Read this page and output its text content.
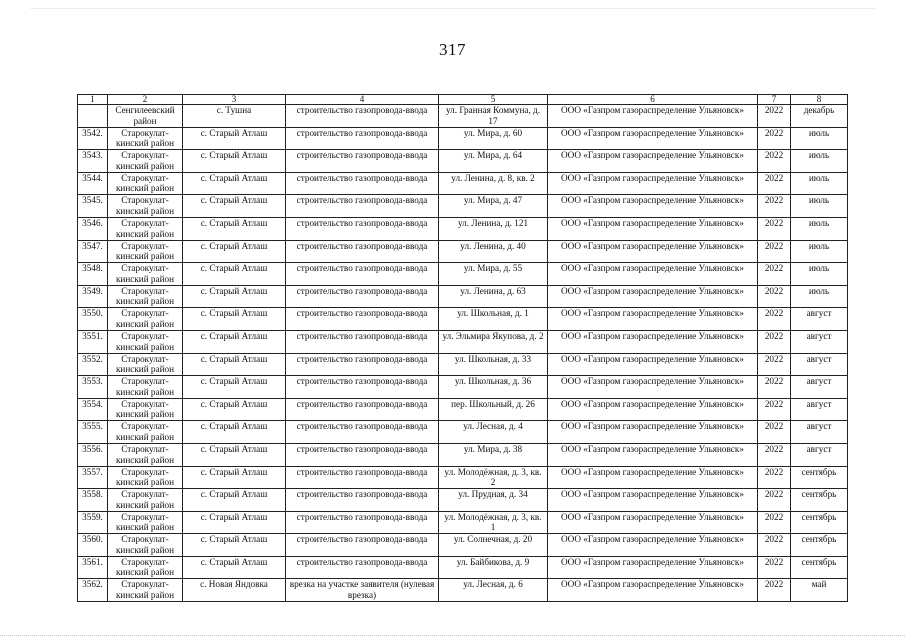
317
1	2	3	4	5	6	7	8
	Сенгилеевский район	с. Тушна	строительство газопровода-ввода	ул. Гранная Коммуна, д. 17	ООО «Газпром газораспределение Ульяновск»	2022	декабрь
3542.	Старокулат-кинский район	с. Старый Атлаш	строительство газопровода-ввода	ул. Мира, д. 60	ООО «Газпром газораспределение Ульяновск»	2022	июль
3543.	Старокулат-кинский район	с. Старый Атлаш	строительство газопровода-ввода	ул. Мира, д. 64	ООО «Газпром газораспределение Ульяновск»	2022	июль
3544.	Старокулат-кинский район	с. Старый Атлаш	строительство газопровода-ввода	ул. Ленина, д. 8, кв. 2	ООО «Газпром газораспределение Ульяновск»	2022	июль
3545.	Старокулат-кинский район	с. Старый Атлаш	строительство газопровода-ввода	ул. Мира, д. 47	ООО «Газпром газораспределение Ульяновск»	2022	июль
3546.	Старокулат-кинский район	с. Старый Атлаш	строительство газопровода-ввода	ул. Ленина, д. 121	ООО «Газпром газораспределение Ульяновск»	2022	июль
3547.	Старокулат-кинский район	с. Старый Атлаш	строительство газопровода-ввода	ул. Ленина, д. 40	ООО «Газпром газораспределение Ульяновск»	2022	июль
3548.	Старокулат-кинский район	с. Старый Атлаш	строительство газопровода-ввода	ул. Мира, д. 55	ООО «Газпром газораспределение Ульяновск»	2022	июль
3549.	Старокулат-кинский район	с. Старый Атлаш	строительство газопровода-ввода	ул. Ленина, д. 63	ООО «Газпром газораспределение Ульяновск»	2022	июль
3550.	Старокулат-кинский район	с. Старый Атлаш	строительство газопровода-ввода	ул. Школьная, д. 1	ООО «Газпром газораспределение Ульяновск»	2022	август
3551.	Старокулат-кинский район	с. Старый Атлаш	строительство газопровода-ввода	ул. Эльмира Якупова, д. 2	ООО «Газпром газораспределение Ульяновск»	2022	август
3552.	Старокулат-кинский район	с. Старый Атлаш	строительство газопровода-ввода	ул. Школьная, д. 33	ООО «Газпром газораспределение Ульяновск»	2022	август
3553.	Старокулат-кинский район	с. Старый Атлаш	строительство газопровода-ввода	ул. Школьная, д. 36	ООО «Газпром газораспределение Ульяновск»	2022	август
3554.	Старокулат-кинский район	с. Старый Атлаш	строительство газопровода-ввода	пер. Школьный, д. 26	ООО «Газпром газораспределение Ульяновск»	2022	август
3555.	Старокулат-кинский район	с. Старый Атлаш	строительство газопровода-ввода	ул. Лесная, д. 4	ООО «Газпром газораспределение Ульяновск»	2022	август
3556.	Старокулат-кинский район	с. Старый Атлаш	строительство газопровода-ввода	ул. Мира, д. 38	ООО «Газпром газораспределение Ульяновск»	2022	август
3557.	Старокулат-кинский район	с. Старый Атлаш	строительство газопровода-ввода	ул. Молодёжная, д. 3, кв. 2	ООО «Газпром газораспределение Ульяновск»	2022	сентябрь
3558.	Старокулат-кинский район	с. Старый Атлаш	строительство газопровода-ввода	ул. Прудная, д. 34	ООО «Газпром газораспределение Ульяновск»	2022	сентябрь
3559.	Старокулат-кинский район	с. Старый Атлаш	строительство газопровода-ввода	ул. Молодёжная, д. 3, кв. 1	ООО «Газпром газораспределение Ульяновск»	2022	сентябрь
3560.	Старокулат-кинский район	с. Старый Атлаш	строительство газопровода-ввода	ул. Солнечная, д. 20	ООО «Газпром газораспределение Ульяновск»	2022	сентябрь
3561.	Старокулат-кинский район	с. Старый Атлаш	строительство газопровода-ввода	ул. Байбикова, д. 9	ООО «Газпром газораспределение Ульяновск»	2022	сентябрь
3562.	Старокулат-кинский район	с. Новая Яндовка	врезка на участке заявителя (нулевая врезка)	ул. Лесная, д. 6	ООО «Газпром газораспределение Ульяновск»	2022	май
